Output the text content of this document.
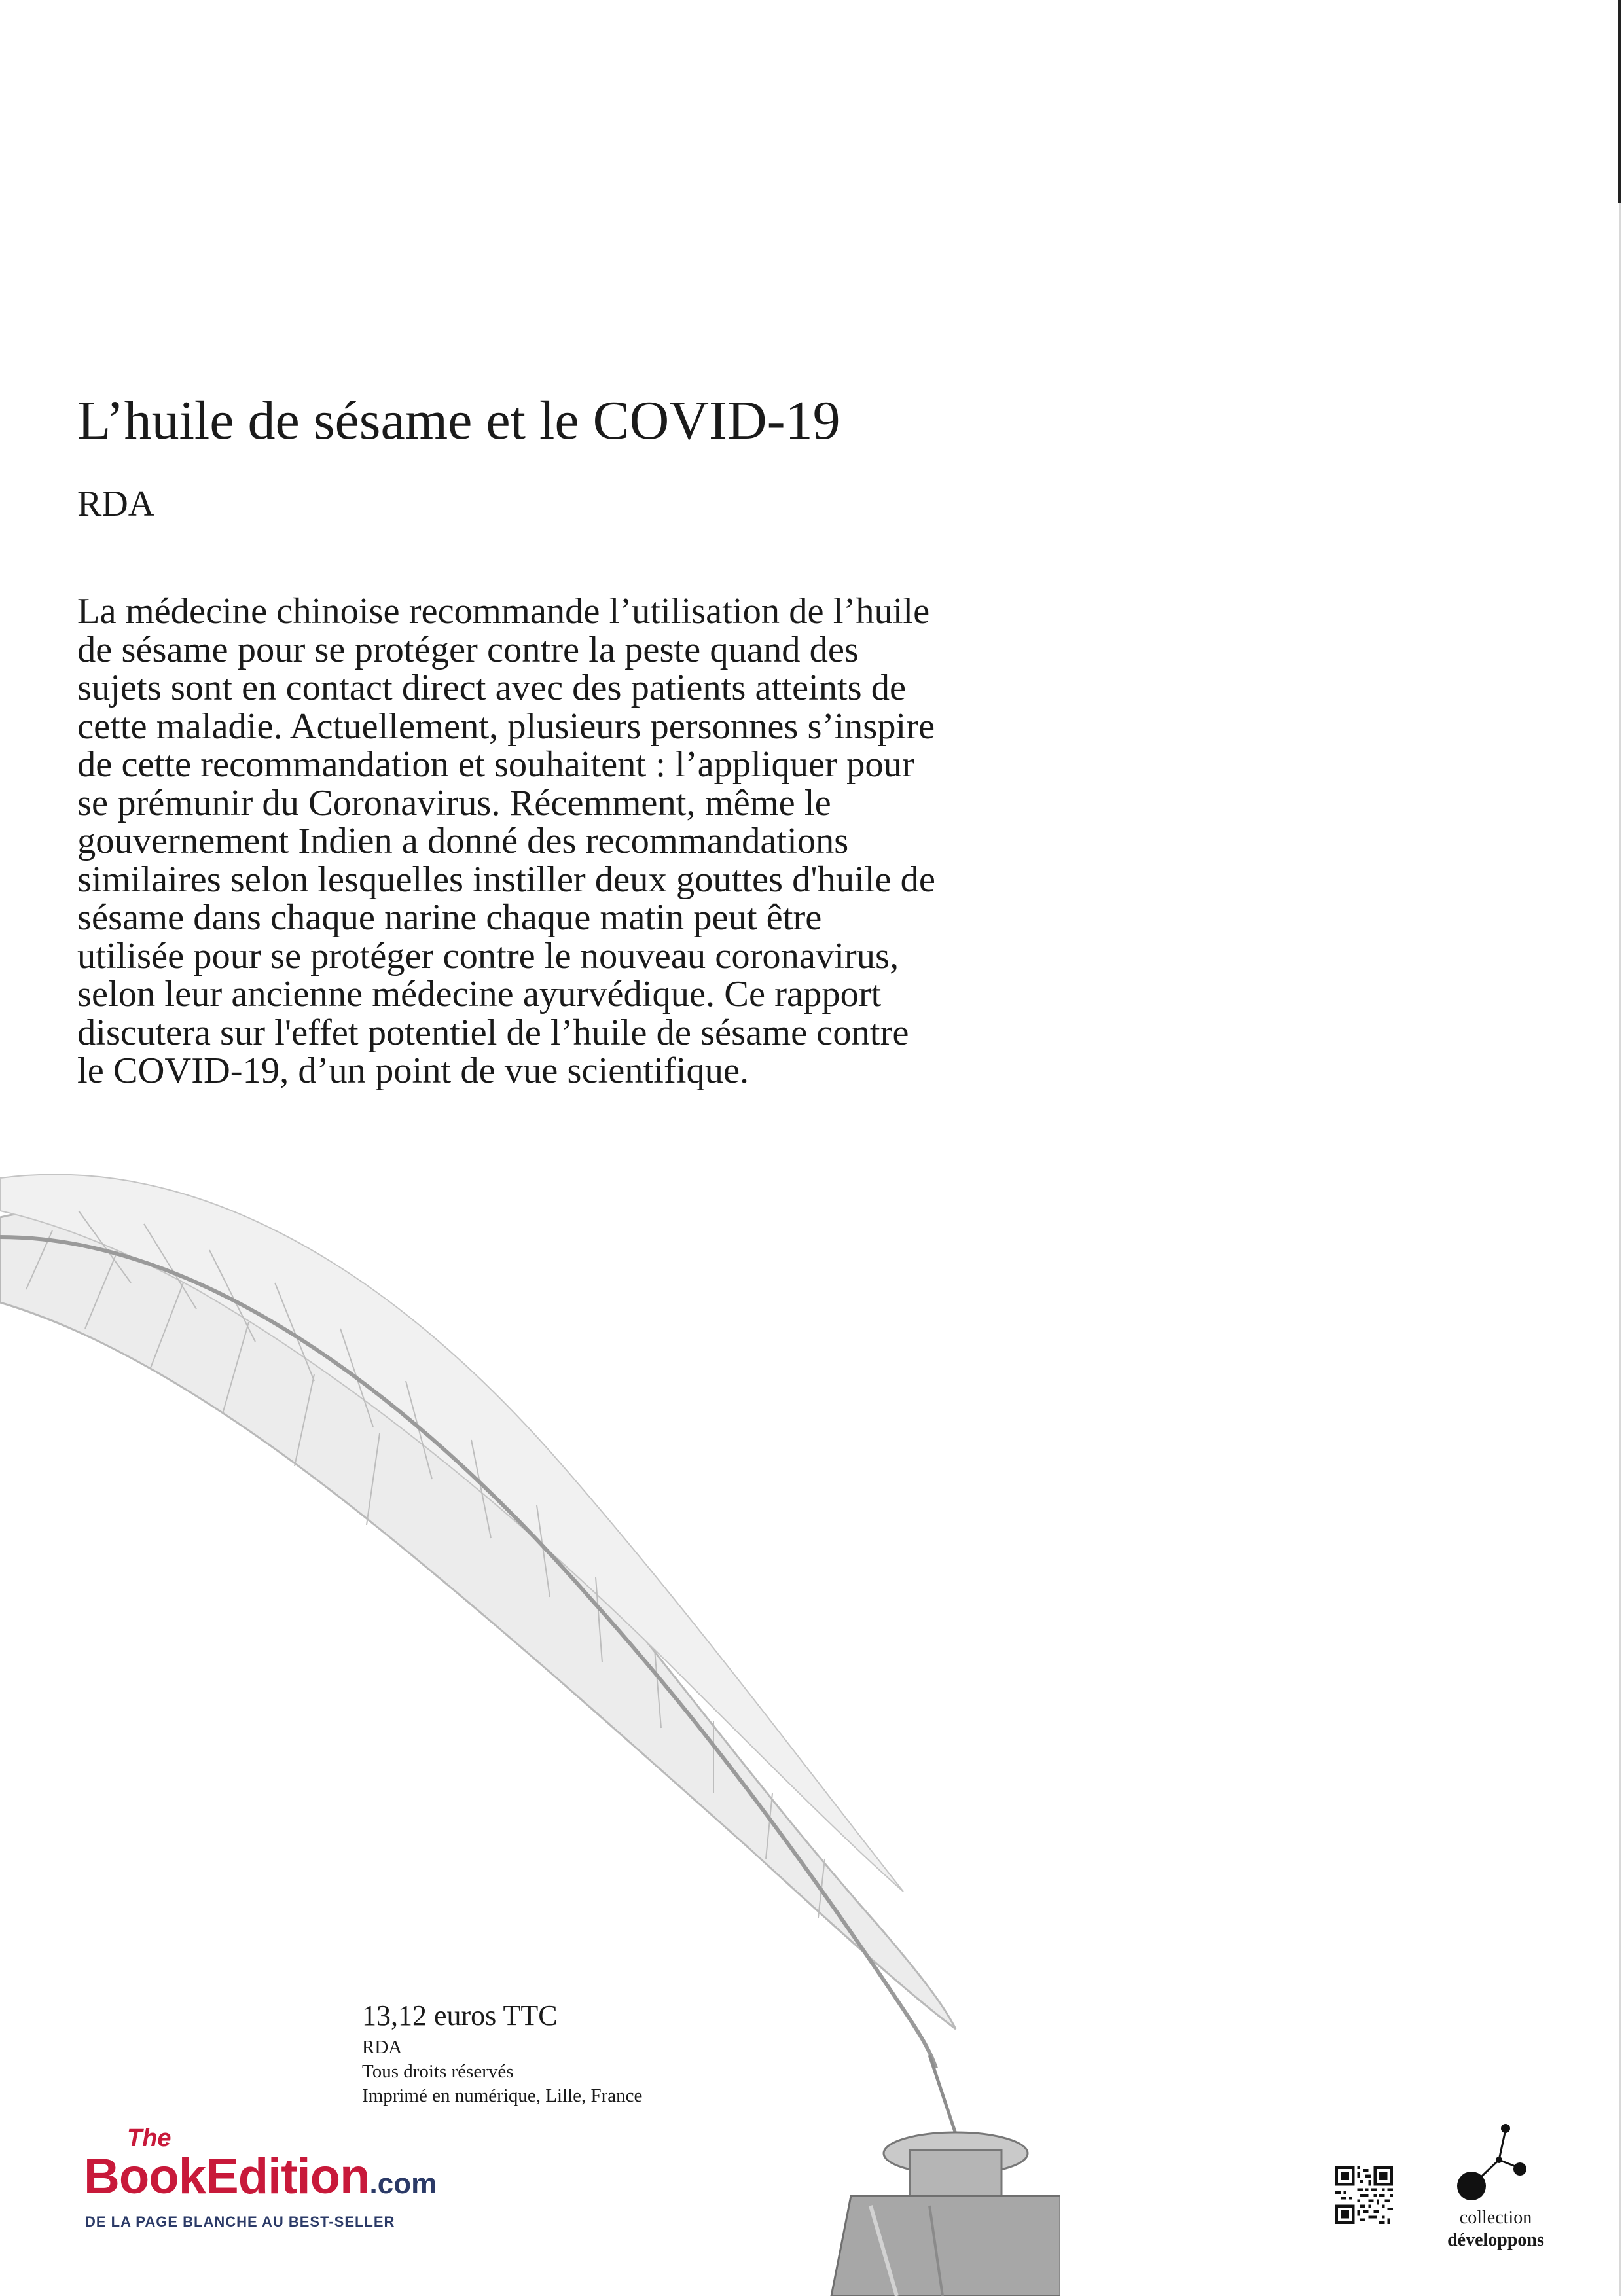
L’huile de sésame et le COVID-19
RDA

La médecine chinoise recommande l’utilisation de l’huile

de sésame pour se protéger contre la peste quand des

sujets sont en contact direct avec des patients atteints de

cette maladie. Actuellement, plusieurs personnes s’inspire

de cette recommandation et souhaitent : l’appliquer pour

se prémunir du Coronavirus. Récemment, même le

gouvernement Indien a donné des recommandations

similaires selon lesquelles instiller deux gouttes d'huile de

sésame dans chaque narine chaque matin peut être

utilisée pour se protéger contre le nouveau coronavirus,

selon leur ancienne médecine ayurvédique. Ce rapport

discutera sur l'effet potentiel de l’huile de sésame contre

le COVID-19, d’un point de vue scientifique.

13,12 euros TTC
RDA
Tous droits réservés
Imprimé en numérique, Lille, France
The
BookEdition.com
DE LA PAGE BLANCHE AU BEST-SELLER	collection
développons
